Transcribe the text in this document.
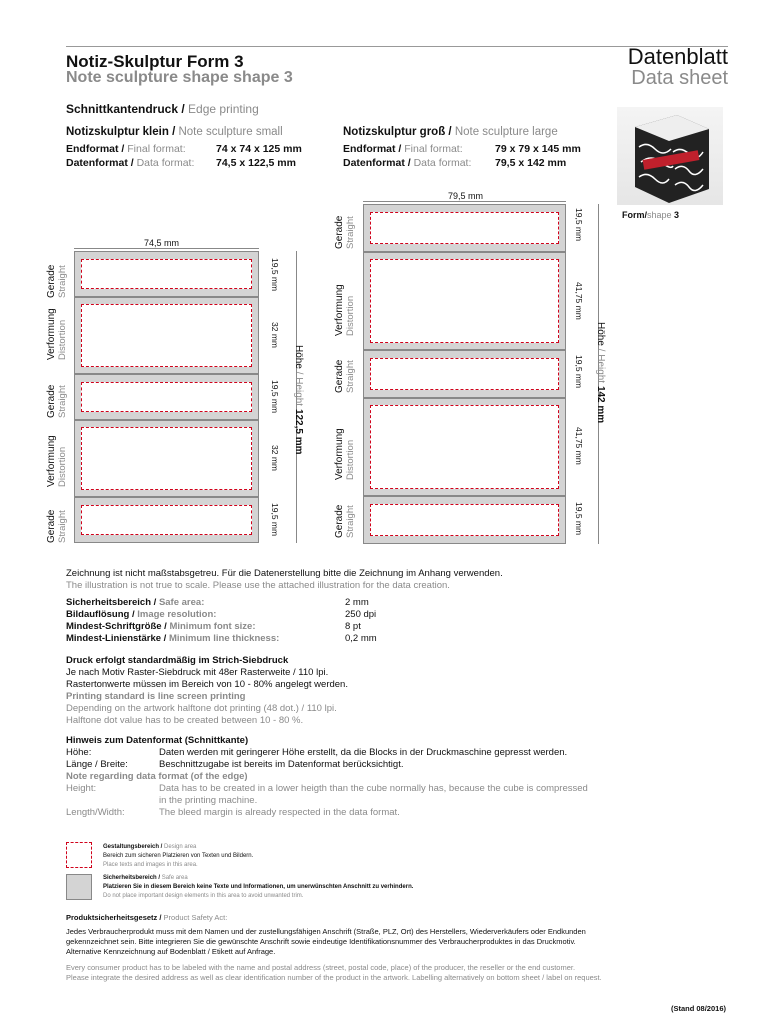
Notiz-Skulptur Form 3
Note sculpture shape shape 3
Datenblatt
Data sheet
Schnittkantendruck / Edge printing
Notizskulptur klein / Note sculpture small
Endformat / Final format:	74 x 74 x 125 mm
Datenformat / Data format: 74,5 x 122,5 mm
Notizskulptur groß / Note sculpture large
Endformat / Final format:	79 x 79 x 145 mm
Datenformat / Data format: 79,5 x 142 mm
Form/shape 3
74,5 mm
Gerade Straight
Verformung Distortion
Gerade Straight
Verformung Distortion
Gerade Straight
19,5 mm
32 mm
19,5 mm
32 mm
19,5 mm
Höhe / Height 122,5 mm
79,5 mm
Gerade Straight
Verformung Distortion
Gerade Straight
Verformung Distortion
Gerade Straight
19,5 mm
41,75 mm
19,5 mm
41,75 mm
19,5 mm
Höhe / Height 142 mm
Zeichnung ist nicht maßstabsgetreu. Für die Datenerstellung bitte die Zeichnung im Anhang verwenden.
The illustration is not true to scale. Please use the attached illustration for the data creation.
Sicherheitsbereich / Safe area:	2 mm
Bildauflösung / Image resolution:	250 dpi
Mindest-Schriftgröße / Minimum font size:	8 pt
Mindest-Linienstärke / Minimum line thickness:	0,2 mm
Druck erfolgt standardmäßig im Strich-Siebdruck
Je nach Motiv Raster-Siebdruck mit 48er Rasterweite / 110 lpi.
Rastertonwerte müssen im Bereich von 10 - 80% angelegt werden.
Printing standard is line screen printing
Depending on the artwork halftone dot printing (48 dot.) / 110 lpi.
Halftone dot value has to be created between 10 - 80 %.
Hinweis zum Datenformat (Schnittkante)
Höhe:	Daten werden mit geringerer Höhe erstellt, da die Blocks in der Druckmaschine gepresst werden.
Länge / Breite:	Beschnittzugabe ist bereits im Datenformat berücksichtigt.
Note regarding data format (of the edge)
Height:	Data has to be created in a lower heigth than the cube normally has, because the cube is compressed
in the printing machine.
Length/Width:	The bleed margin is already respected in the data format.
Gestaltungsbereich / Design area
Bereich zum sicheren Platzieren von Texten und Bildern.
Place texts and images in this area.
Sicherheitsbereich / Safe area
Platzieren Sie in diesem Bereich keine Texte und Informationen, um unerwünschten Anschnitt zu verhindern.
Do not place important design elements in this area to avoid unwanted trim.
Produktsicherheitsgesetz / Product Safety Act:
Jedes Verbraucherprodukt muss mit dem Namen und der zustellungsfähigen Anschrift (Straße, PLZ, Ort) des Herstellers, Wiederverkäufers oder Endkunden
gekennzeichnet sein. Bitte integrieren Sie die gewünschte Anschrift sowie eindeutige Identifikationsnummer des Verbraucherproduktes in das Druckmotiv.
Alternative Kennzeichnung auf Bodenblatt / Etikett auf Anfrage.
Every consumer product has to be labeled with the name and postal address (street, postal code, place) of the producer, the reseller or the end customer.
Please integrate the desired address as well as clear identification number of the product in the artwork. Labelling alternatively on bottom sheet / label on request.
(Stand 08/2016)
